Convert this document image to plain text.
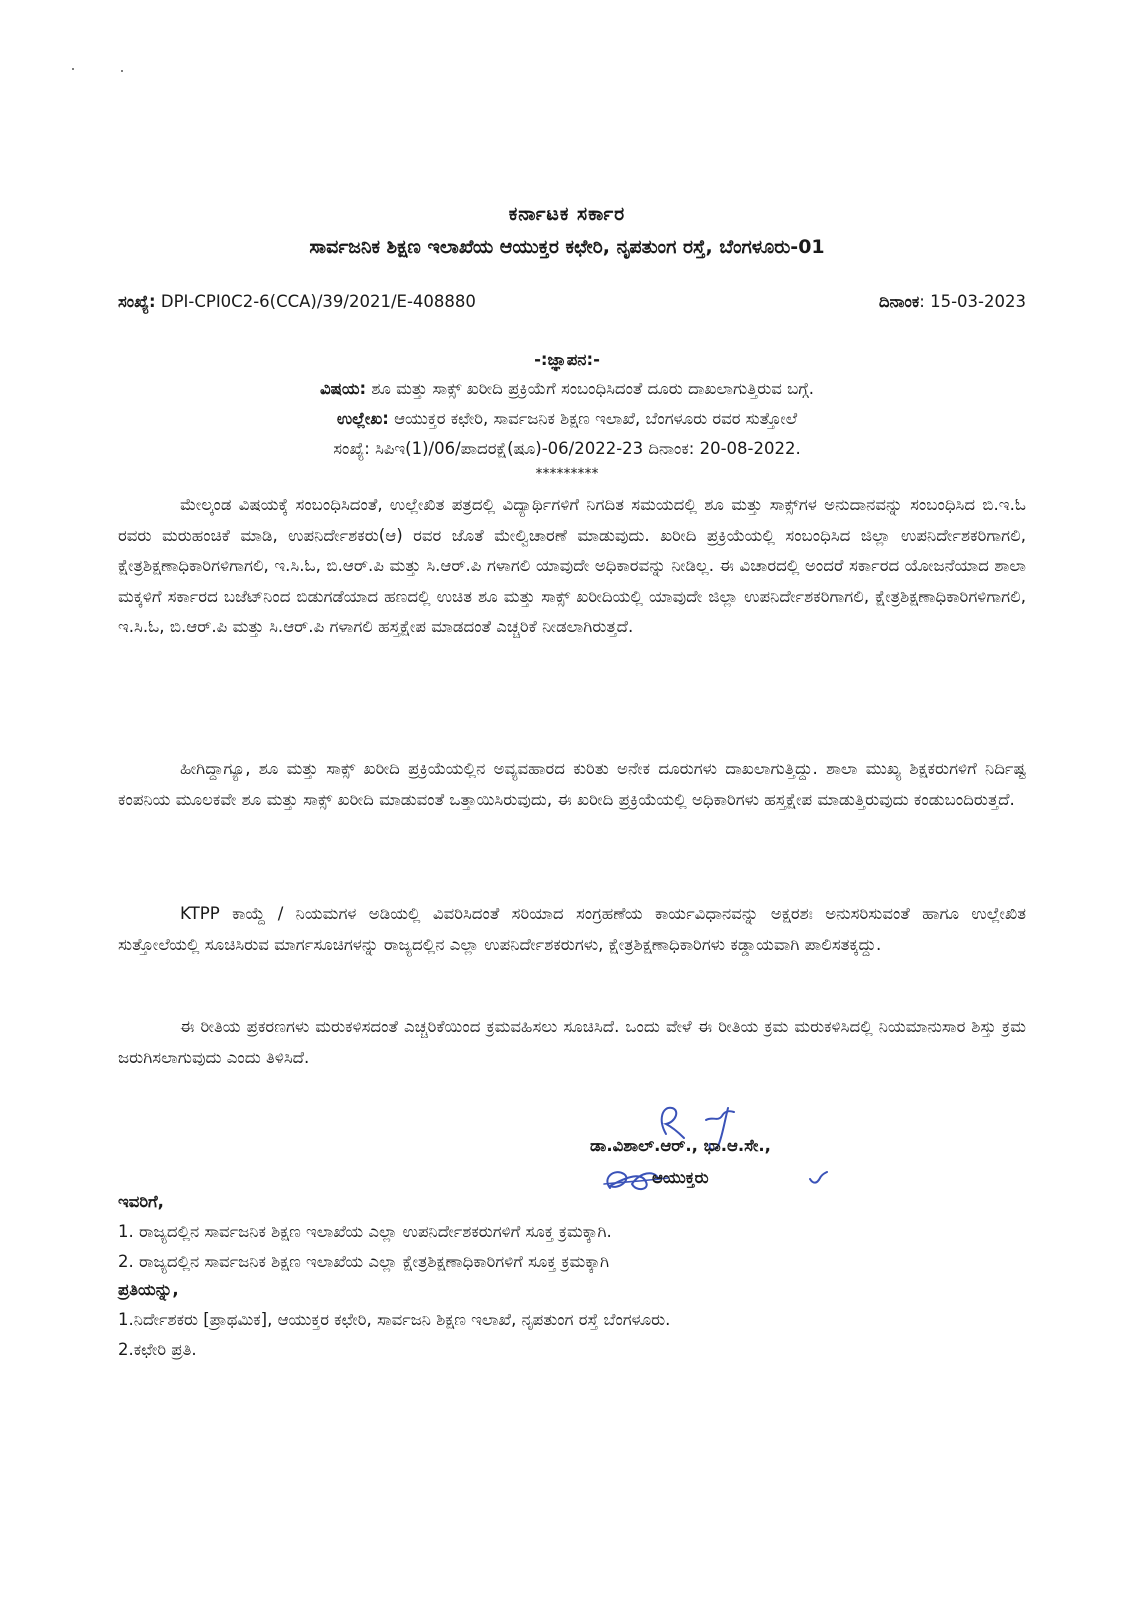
ಕರ್ನಾಟಕ ಸರ್ಕಾರ
ಸಾರ್ವಜನಿಕ ಶಿಕ್ಷಣ ಇಲಾಖೆಯ ಆಯುಕ್ತರ ಕಛೇರಿ, ನೃಪತುಂಗ ರಸ್ತೆ, ಬೆಂಗಳೂರು-01
ಸಂಖ್ಯೆ: DPI-CPI0C2-6(CCA)/39/2021/E-408880	ದಿನಾಂಕ: 15-03-2023
-:ಜ್ಞಾಪನ:-
ವಿಷಯ: ಶೂ ಮತ್ತು ಸಾಕ್ಸ್ ಖರೀದಿ ಪ್ರಕ್ರಿಯೆಗೆ ಸಂಬಂಧಿಸಿದಂತೆ ದೂರು ದಾಖಲಾಗುತ್ತಿರುವ ಬಗ್ಗೆ.
ಉಲ್ಲೇಖ: ಆಯುಕ್ತರ ಕಛೇರಿ, ಸಾರ್ವಜನಿಕ ಶಿಕ್ಷಣ ಇಲಾಖೆ, ಬೆಂಗಳೂರು ರವರ ಸುತ್ತೋಲೆ
ಸಂಖ್ಯೆ: ಸಿಪಿಇ(1)/06/ಪಾದರಕ್ಷೆ(ಷೂ)-06/2022-23 ದಿನಾಂಕ: 20-08-2022.
*********

ಮೇಲ್ಕಂಡ ವಿಷಯಕ್ಕೆ ಸಂಬಂಧಿಸಿದಂತೆ, ಉಲ್ಲೇಖಿತ ಪತ್ರದಲ್ಲಿ ವಿದ್ಯಾರ್ಥಿಗಳಿಗೆ ನಿಗದಿತ ಸಮಯದಲ್ಲಿ ಶೂ ಮತ್ತು ಸಾಕ್ಸ್‌ಗಳ ಅನುದಾನವನ್ನು ಸಂಬಂಧಿಸಿದ ಬಿ.ಇ.ಓ ರವರು ಮರುಹಂಚಿಕೆ ಮಾಡಿ, ಉಪನಿರ್ದೇಶಕರು(ಆ) ರವರ ಜೊತೆ ಮೇಲ್ವಿಚಾರಣೆ ಮಾಡುವುದು. ಖರೀದಿ ಪ್ರಕ್ರಿಯೆಯಲ್ಲಿ ಸಂಬಂಧಿಸಿದ ಜಿಲ್ಲಾ ಉಪನಿರ್ದೇಶಕರಿಗಾಗಲಿ, ಕ್ಷೇತ್ರಶಿಕ್ಷಣಾಧಿಕಾರಿಗಳಿಗಾಗಲಿ, ಇ.ಸಿ.ಓ, ಬಿ.ಆರ್.ಪಿ ಮತ್ತು ಸಿ.ಆರ್.ಪಿ ಗಳಾಗಲಿ ಯಾವುದೇ ಅಧಿಕಾರವನ್ನು ನೀಡಿಲ್ಲ. ಈ ವಿಚಾರದಲ್ಲಿ ಅಂದರೆ ಸರ್ಕಾರದ ಯೋಜನೆಯಾದ ಶಾಲಾ ಮಕ್ಕಳಿಗೆ ಸರ್ಕಾರದ ಬಜೆಟ್‌ನಿಂದ ಬಿಡುಗಡೆಯಾದ ಹಣದಲ್ಲಿ ಉಚಿತ ಶೂ ಮತ್ತು ಸಾಕ್ಸ್ ಖರೀದಿಯಲ್ಲಿ ಯಾವುದೇ ಜಿಲ್ಲಾ ಉಪನಿರ್ದೇಶಕರಿಗಾಗಲಿ, ಕ್ಷೇತ್ರಶಿಕ್ಷಣಾಧಿಕಾರಿಗಳಿಗಾಗಲಿ, ಇ.ಸಿ.ಓ, ಬಿ.ಆರ್.ಪಿ ಮತ್ತು ಸಿ.ಆರ್.ಪಿ ಗಳಾಗಲಿ ಹಸ್ತಕ್ಷೇಪ ಮಾಡದಂತೆ ಎಚ್ಚರಿಕೆ ನೀಡಲಾಗಿರುತ್ತದೆ.

ಹೀಗಿದ್ದಾಗ್ಯೂ, ಶೂ ಮತ್ತು ಸಾಕ್ಸ್ ಖರೀದಿ ಪ್ರಕ್ರಿಯೆಯಲ್ಲಿನ ಅವ್ಯವಹಾರದ ಕುರಿತು ಅನೇಕ ದೂರುಗಳು ದಾಖಲಾಗುತ್ತಿದ್ದು. ಶಾಲಾ ಮುಖ್ಯ ಶಿಕ್ಷಕರುಗಳಿಗೆ ನಿರ್ದಿಷ್ಟ ಕಂಪನಿಯ ಮೂಲಕವೇ ಶೂ ಮತ್ತು ಸಾಕ್ಸ್ ಖರೀದಿ ಮಾಡುವಂತೆ ಒತ್ತಾಯಿಸಿರುವುದು, ಈ ಖರೀದಿ ಪ್ರಕ್ರಿಯೆಯಲ್ಲಿ ಅಧಿಕಾರಿಗಳು ಹಸ್ತಕ್ಷೇಪ ಮಾಡುತ್ತಿರುವುದು ಕಂಡುಬಂದಿರುತ್ತದೆ.

KTPP ಕಾಯ್ದೆ / ನಿಯಮಗಳ ಅಡಿಯಲ್ಲಿ ವಿವರಿಸಿದಂತೆ ಸರಿಯಾದ ಸಂಗ್ರಹಣೆಯ ಕಾರ್ಯವಿಧಾನವನ್ನು ಅಕ್ಷರಶಃ ಅನುಸರಿಸುವಂತೆ ಹಾಗೂ ಉಲ್ಲೇಖಿತ ಸುತ್ತೋಲೆಯಲ್ಲಿ ಸೂಚಿಸಿರುವ ಮಾರ್ಗಸೂಚಿಗಳನ್ನು ರಾಜ್ಯದಲ್ಲಿನ ಎಲ್ಲಾ ಉಪನಿರ್ದೇಶಕರುಗಳು, ಕ್ಷೇತ್ರಶಿಕ್ಷಣಾಧಿಕಾರಿಗಳು ಕಡ್ಡಾಯವಾಗಿ ಪಾಲಿಸತಕ್ಕದ್ದು.

ಈ ರೀತಿಯ ಪ್ರಕರಣಗಳು ಮರುಕಳಿಸದಂತೆ ಎಚ್ಚರಿಕೆಯಿಂದ ಕ್ರಮವಹಿಸಲು ಸೂಚಿಸಿದೆ. ಒಂದು ವೇಳೆ ಈ ರೀತಿಯ ಕ್ರಮ ಮರುಕಳಿಸಿದಲ್ಲಿ ನಿಯಮಾನುಸಾರ ಶಿಸ್ತು ಕ್ರಮ ಜರುಗಿಸಲಾಗುವುದು ಎಂದು ತಿಳಿಸಿದೆ.

ಡಾ.ವಿಶಾಲ್.ಆರ್., ಭಾ.ಆ.ಸೇ.,
ಆಯುಕ್ತರು
ಇವರಿಗೆ,
1. ರಾಜ್ಯದಲ್ಲಿನ ಸಾರ್ವಜನಿಕ ಶಿಕ್ಷಣ ಇಲಾಖೆಯ ಎಲ್ಲಾ ಉಪನಿರ್ದೇಶಕರುಗಳಿಗೆ ಸೂಕ್ತ ಕ್ರಮಕ್ಕಾಗಿ.
2. ರಾಜ್ಯದಲ್ಲಿನ ಸಾರ್ವಜನಿಕ ಶಿಕ್ಷಣ ಇಲಾಖೆಯ ಎಲ್ಲಾ ಕ್ಷೇತ್ರಶಿಕ್ಷಣಾಧಿಕಾರಿಗಳಿಗೆ ಸೂಕ್ತ ಕ್ರಮಕ್ಕಾಗಿ
ಪ್ರತಿಯನ್ನು,
1.ನಿರ್ದೇಶಕರು [ಪ್ರಾಥಮಿಕ], ಆಯುಕ್ತರ ಕಛೇರಿ, ಸಾರ್ವಜನಿ ಶಿಕ್ಷಣ ಇಲಾಖೆ, ನೃಪತುಂಗ ರಸ್ತೆ ಬೆಂಗಳೂರು.
2.ಕಛೇರಿ ಪ್ರತಿ.
